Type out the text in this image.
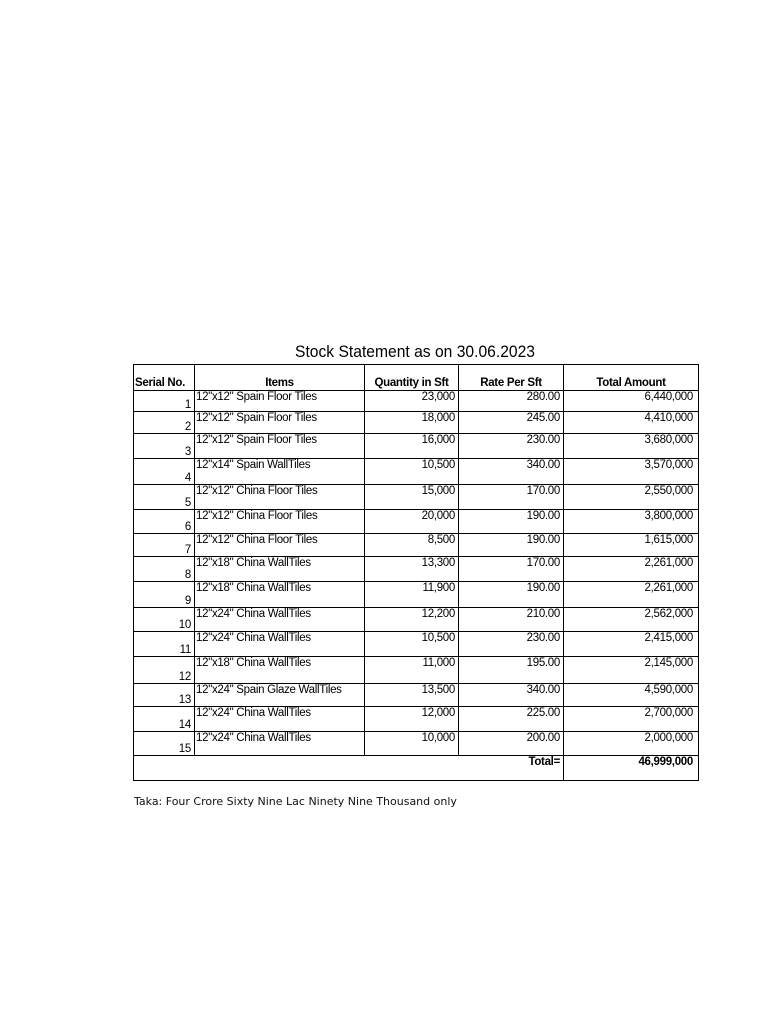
Stock Statement as on 30.06.2023
Serial No.	Items	Quantity in Sft	Rate Per Sft	Total Amount
1	12"x12" Spain Floor Tiles	23,000	280.00	6,440,000
2	12"x12" Spain Floor Tiles	18,000	245.00	4,410,000
3	12"x12" Spain Floor Tiles	16,000	230.00	3,680,000
4	12"x14" Spain WallTiles	10,500	340.00	3,570,000
5	12"x12" China Floor Tiles	15,000	170.00	2,550,000
6	12"x12" China Floor Tiles	20,000	190.00	3,800,000
7	12"x12" China Floor Tiles	8,500	190.00	1,615,000
8	12"x18" China WallTiles	13,300	170.00	2,261,000
9	12"x18" China WallTiles	11,900	190.00	2,261,000
10	12"x24" China WallTiles	12,200	210.00	2,562,000
11	12"x24" China WallTiles	10,500	230.00	2,415,000
12	12"x18" China WallTiles	11,000	195.00	2,145,000
13	12"x24" Spain Glaze WallTiles	13,500	340.00	4,590,000
14	12"x24" China WallTiles	12,000	225.00	2,700,000
15	12"x24" China WallTiles	10,000	200.00	2,000,000
Total=				46,999,000
Taka: Four Crore Sixty Nine Lac Ninety Nine Thousand only
